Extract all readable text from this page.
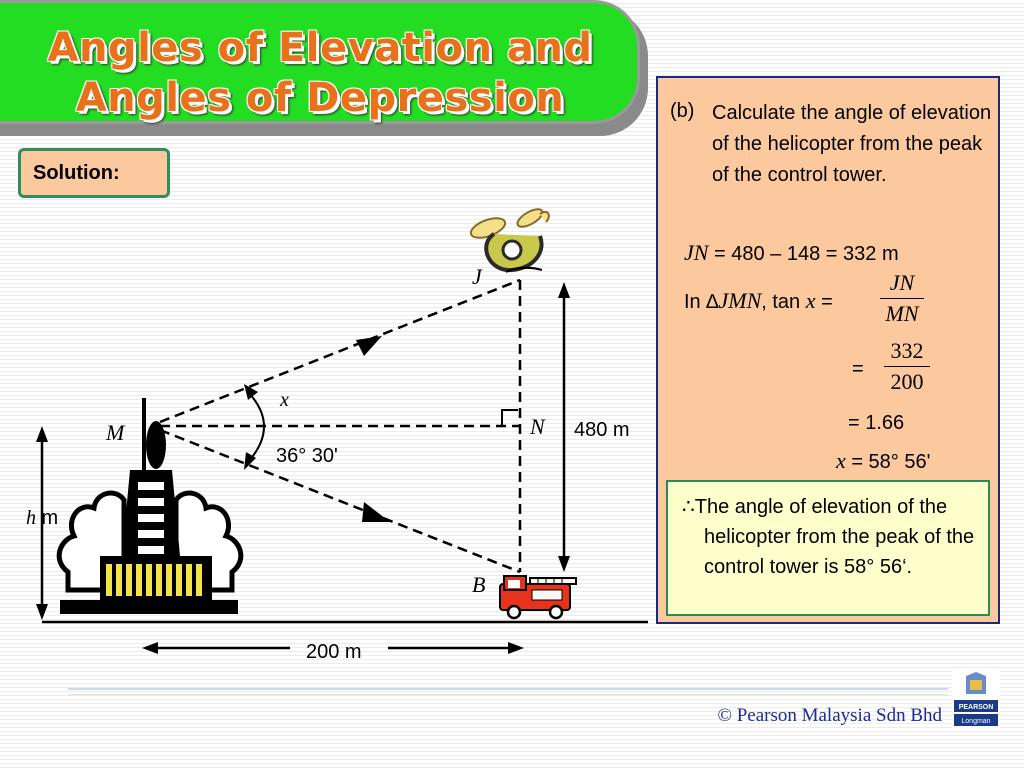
Angles of Elevation and
Angles of Depression
Solution:
J
M	N
B
x
36° 30'
480 m
200 m
h m
(b) Calculate the angle of elevation of the helicopter from the peak of the control tower.
JN = 480 – 148 = 332 m
In ∆JMN, tan x =
JN
MN
=
332
200
= 1.66
x = 58° 56'
∴The angle of elevation of the helicopter from the peak of the control tower is 58° 56‘.
© Pearson Malaysia Sdn Bhd PEARSON
Longman
